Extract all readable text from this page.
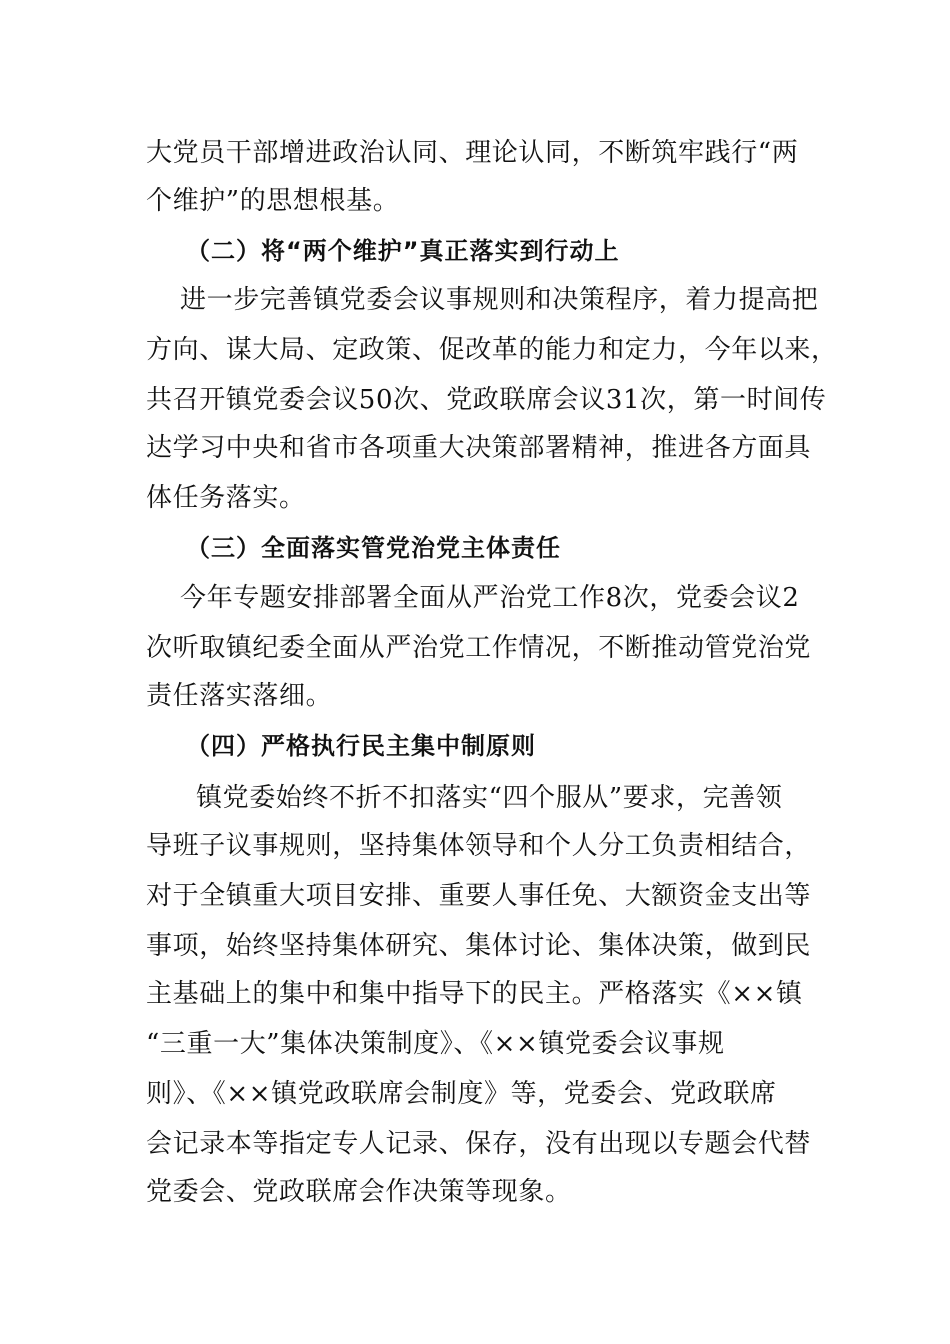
大党员干部增进政治认同、理论认同，不断筑牢践行“两
个维护”的思想根基。
（二）将“两个维护”真正落实到行动上
进一步完善镇党委会议事规则和决策程序，着力提高把
方向、谋大局、定政策、促改革的能力和定力，今年以来，
共召开镇党委会议50次、党政联席会议31次，第一时间传
达学习中央和省市各项重大决策部署精神，推进各方面具
体任务落实。
（三）全面落实管党治党主体责任
今年专题安排部署全面从严治党工作8次，党委会议2
次听取镇纪委全面从严治党工作情况，不断推动管党治党
责任落实落细。
（四）严格执行民主集中制原则
镇党委始终不折不扣落实“四个服从”要求，完善领
导班子议事规则，坚持集体领导和个人分工负责相结合，
对于全镇重大项目安排、重要人事任免、大额资金支出等
事项，始终坚持集体研究、集体讨论、集体决策，做到民
主基础上的集中和集中指导下的民主。严格落实《××镇
“三重一大”集体决策制度》、《××镇党委会议事规
则》、《××镇党政联席会制度》等，党委会、党政联席
会记录本等指定专人记录、保存，没有出现以专题会代替
党委会、党政联席会作决策等现象。
